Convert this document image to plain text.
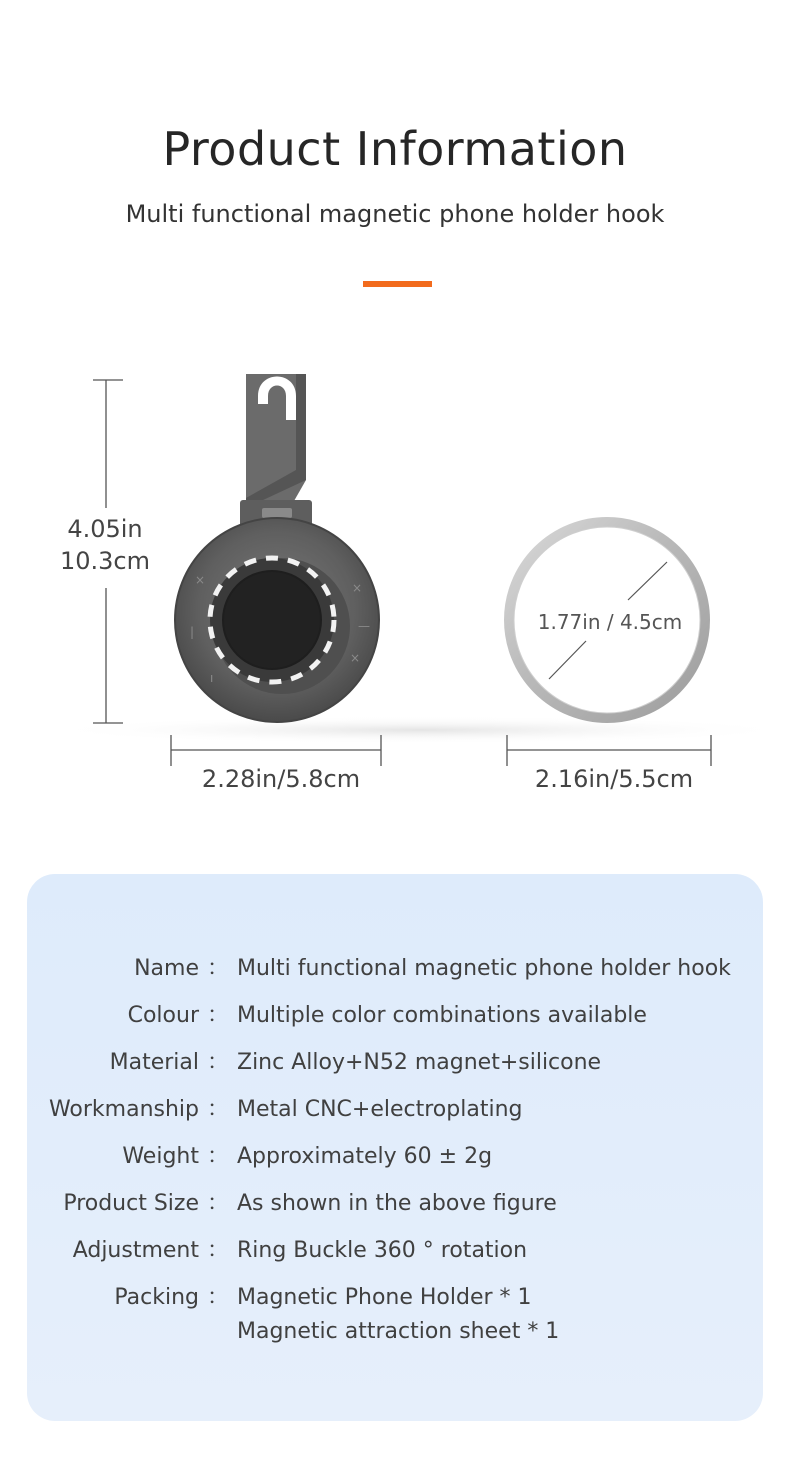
Product Information
Multi functional magnetic phone holder hook
×
|
×
—
×
ı
4.05in
10.3cm
1.77in / 4.5cm
2.28in/5.8cm	2.16in/5.5cm
Name ： Multi functional magnetic phone holder hook
Colour ： Multiple color combinations available
Material ： Zinc Alloy+N52 magnet+silicone
Workmanship ： Metal CNC+electroplating
Weight ： Approximately 60 ± 2g
Product Size ： As shown in the above figure
Adjustment ： Ring Buckle 360 ° rotation
Packing ： Magnetic Phone Holder * 1
Magnetic attraction sheet * 1
